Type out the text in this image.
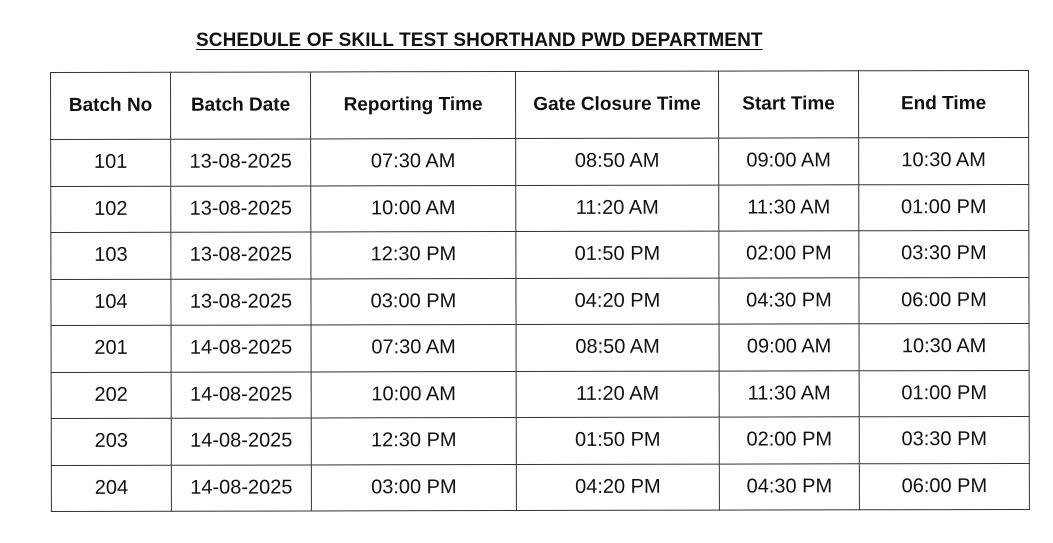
SCHEDULE OF SKILL TEST SHORTHAND PWD DEPARTMENT
Batch No	Batch Date	Reporting Time	Gate Closure Time	Start Time	End Time
101	13-08-2025	07:30 AM	08:50 AM	09:00 AM	10:30 AM
102	13-08-2025	10:00 AM	11:20 AM	11:30 AM	01:00 PM
103	13-08-2025	12:30 PM	01:50 PM	02:00 PM	03:30 PM
104	13-08-2025	03:00 PM	04:20 PM	04:30 PM	06:00 PM
201	14-08-2025	07:30 AM	08:50 AM	09:00 AM	10:30 AM
202	14-08-2025	10:00 AM	11:20 AM	11:30 AM	01:00 PM
203	14-08-2025	12:30 PM	01:50 PM	02:00 PM	03:30 PM
204	14-08-2025	03:00 PM	04:20 PM	04:30 PM	06:00 PM
